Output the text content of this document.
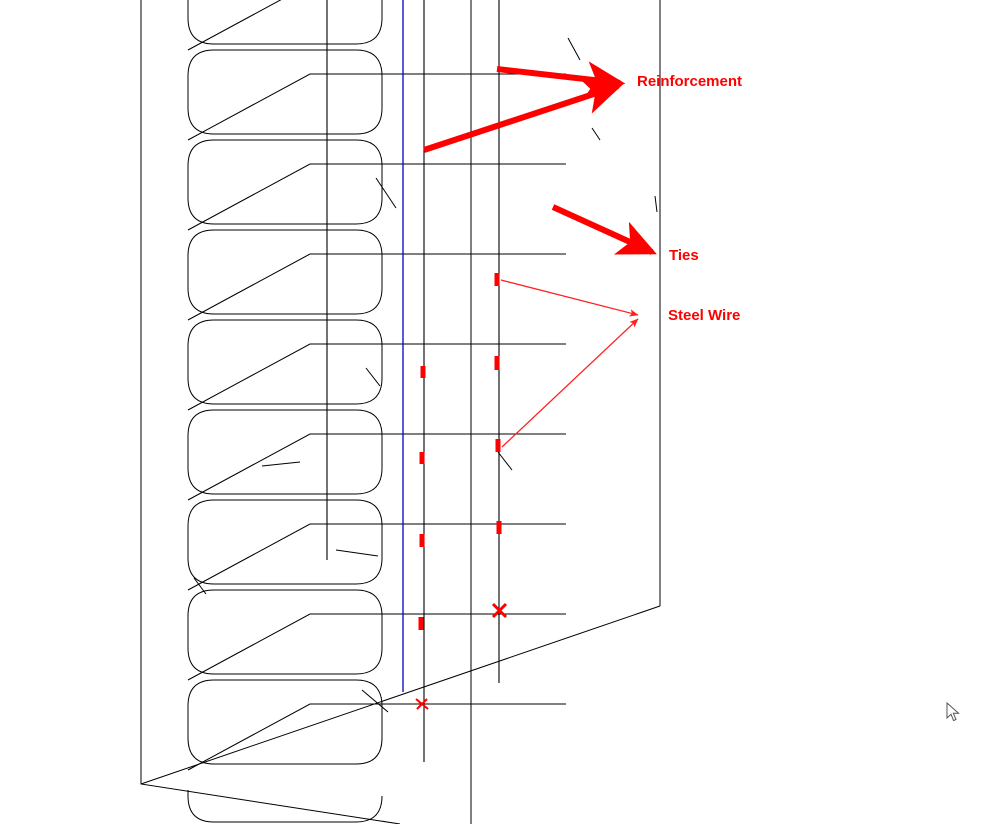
Reinforcement
Ties
Steel Wire
